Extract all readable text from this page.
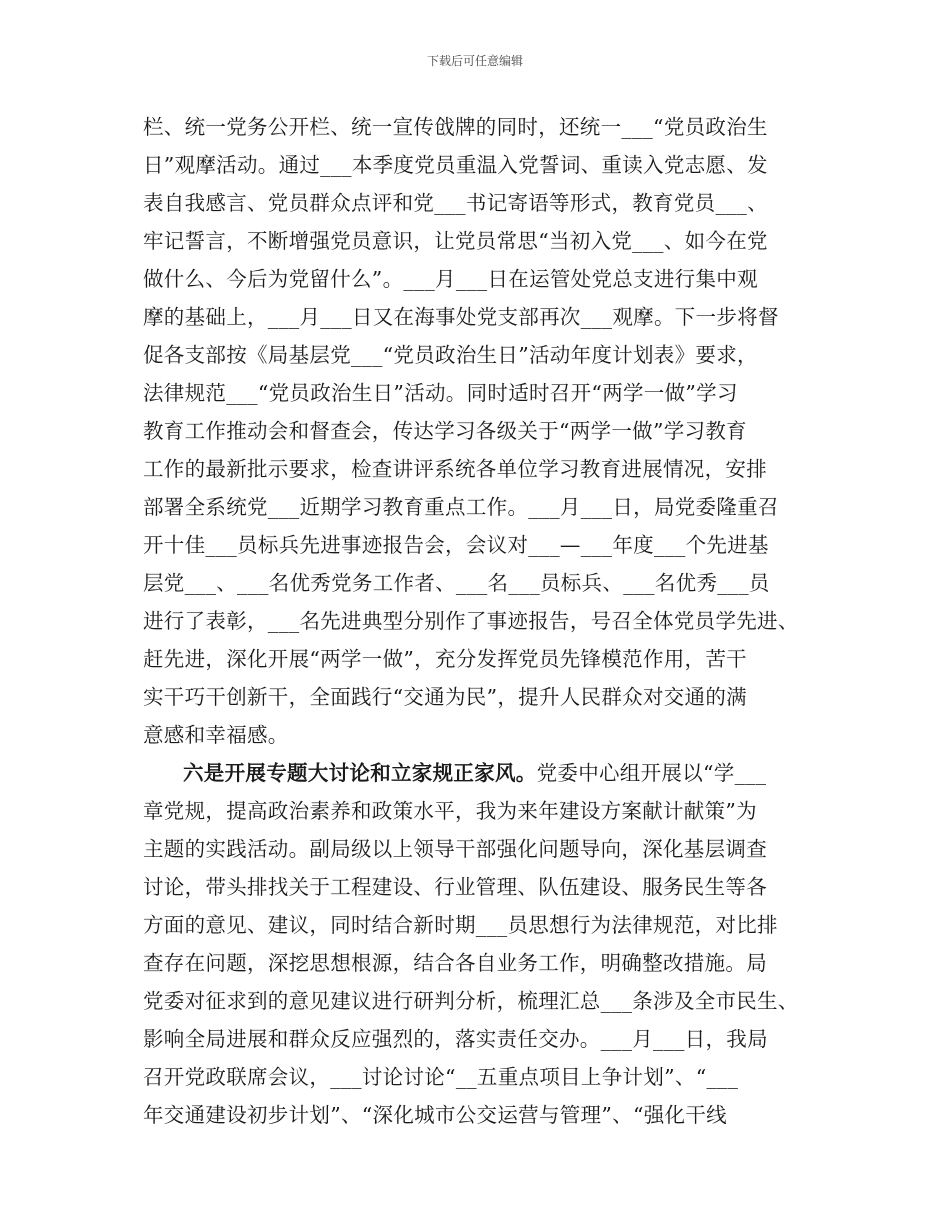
下载后可任意编辑
栏、统一党务公开栏、统一宣传戗牌的同时，还统一___“党员政治生
日”观摩活动。通过___本季度党员重温入党誓词、重读入党志愿、发
表自我感言、党员群众点评和党___书记寄语等形式，教育党员___、
牢记誓言，不断增强党员意识，让党员常思“当初入党___、如今在党
做什么、今后为党留什么”。___月___日在运管处党总支进行集中观
摩的基础上，___月___日又在海事处党支部再次___观摩。下一步将督
促各支部按《局基层党___“党员政治生日”活动年度计划表》要求，
法律规范___“党员政治生日”活动。同时适时召开“两学一做”学习
教育工作推动会和督查会，传达学习各级关于“两学一做”学习教育
工作的最新批示要求，检查讲评系统各单位学习教育进展情况，安排
部署全系统党___近期学习教育重点工作。___月___日，局党委隆重召
开十佳___员标兵先进事迹报告会，会议对___—___年度___个先进基
层党___、___名优秀党务工作者、___名___员标兵、___名优秀___员
进行了表彰，___名先进典型分别作了事迹报告，号召全体党员学先进、
赶先进，深化开展“两学一做”，充分发挥党员先锋模范作用，苦干
实干巧干创新干，全面践行“交通为民”，提升人民群众对交通的满
意感和幸福感。
六是开展专题大讨论和立家规正家风。党委中心组开展以“学___
章党规，提高政治素养和政策水平，我为来年建设方案献计献策”为
主题的实践活动。副局级以上领导干部强化问题导向，深化基层调查
讨论，带头排找关于工程建设、行业管理、队伍建设、服务民生等各
方面的意见、建议，同时结合新时期___员思想行为法律规范，对比排
查存在问题，深挖思想根源，结合各自业务工作，明确整改措施。局
党委对征求到的意见建议进行研判分析，梳理汇总___条涉及全市民生、
影响全局进展和群众反应强烈的，落实责任交办。___月___日，我局
召开党政联席会议，___讨论讨论“__五重点项目上争计划”、“___
年交通建设初步计划”、“深化城市公交运营与管理”、“强化干线
